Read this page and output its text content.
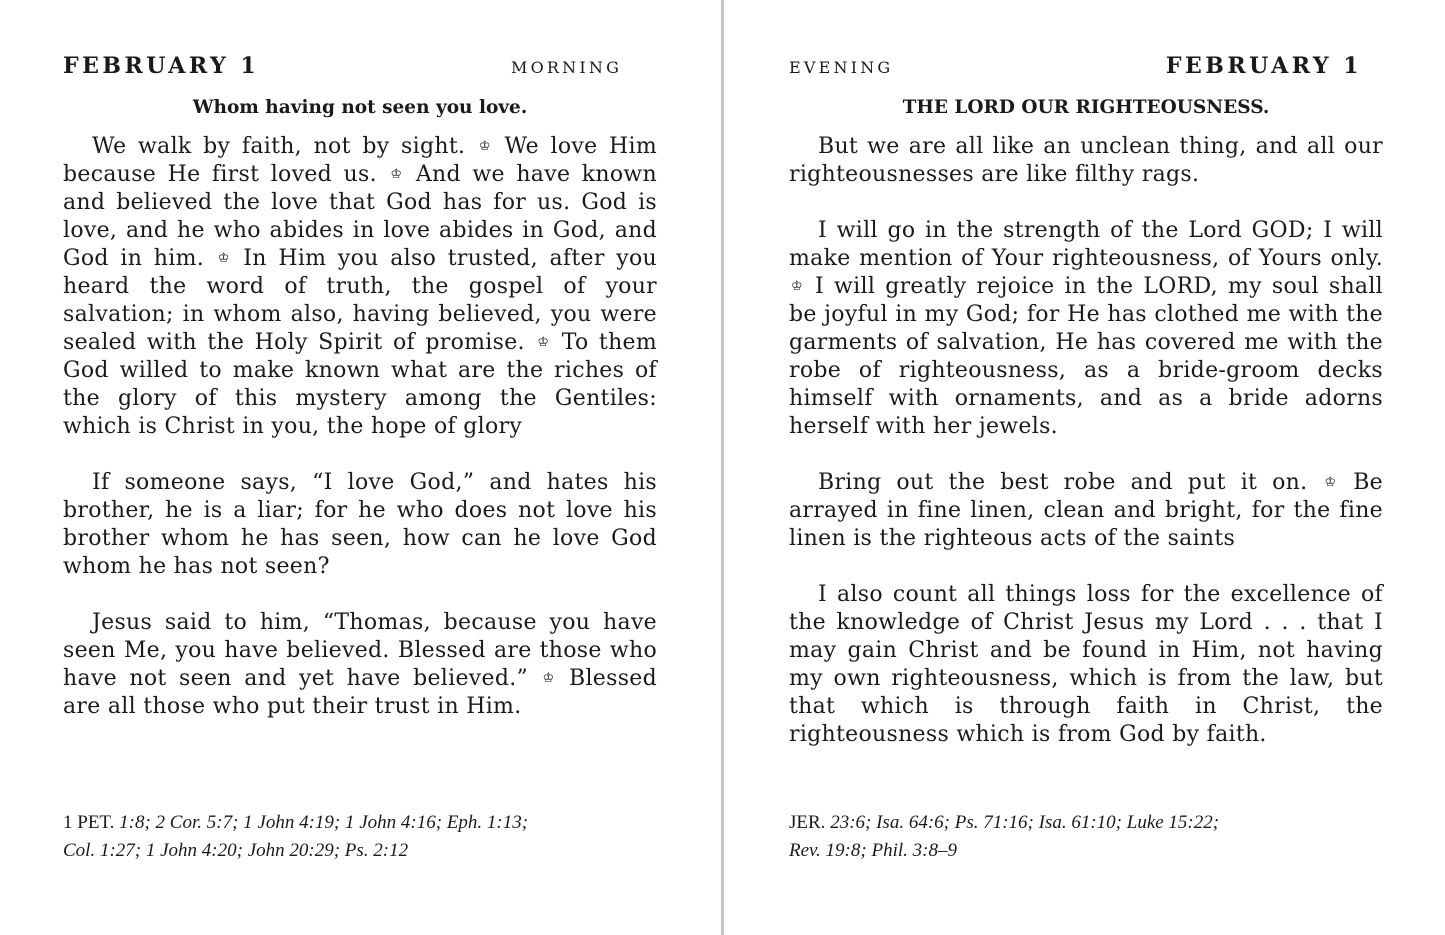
FEBRUARY 1	MORNING
Whom having not seen you love.

We walk by faith, not by sight. ♔ We love Him because He first loved us. ♔ And we have known and believed the love that God has for us. God is love, and he who abides in love abides in God, and God in him. ♔ In Him you also trusted, after you heard the word of truth, the gospel of your salvation; in whom also, having believed, you were sealed with the Holy Spirit of promise. ♔ To them God willed to make known what are the riches of the glory of this mystery among the Gentiles: which is Christ in you, the hope of glory

If someone says, “I love God,” and hates his brother, he is a liar; for he who does not love his brother whom he has seen, how can he love God whom he has not seen?

Jesus said to him, “Thomas, because you have seen Me, you have believed. Blessed are those who have not seen and yet have believed.” ♔ Blessed are all those who put their trust in Him.

1 PET. 1:8; 2 Cor. 5:7; 1 John 4:19; 1 John 4:16; Eph. 1:13;
Col. 1:27; 1 John 4:20; John 20:29; Ps. 2:12
EVENING	FEBRUARY 1
THE LORD OUR RIGHTEOUSNESS.

But we are all like an unclean thing, and all our righteousnesses are like filthy rags.

I will go in the strength of the Lord GOD; I will make mention of Your righteousness, of Yours only. ♔ I will greatly rejoice in the LORD, my soul shall be joyful in my God; for He has clothed me with the garments of salvation, He has covered me with the robe of righteousness, as a bride-groom decks himself with ornaments, and as a bride adorns herself with her jewels.

Bring out the best robe and put it on. ♔ Be arrayed in fine linen, clean and bright, for the fine linen is the righteous acts of the saints

I also count all things loss for the excellence of the knowledge of Christ Jesus my Lord . . . that I may gain Christ and be found in Him, not having my own righteousness, which is from the law, but that which is through faith in Christ, the righteousness which is from God by faith.

JER. 23:6; Isa. 64:6; Ps. 71:16; Isa. 61:10; Luke 15:22;
Rev. 19:8; Phil. 3:8–9
